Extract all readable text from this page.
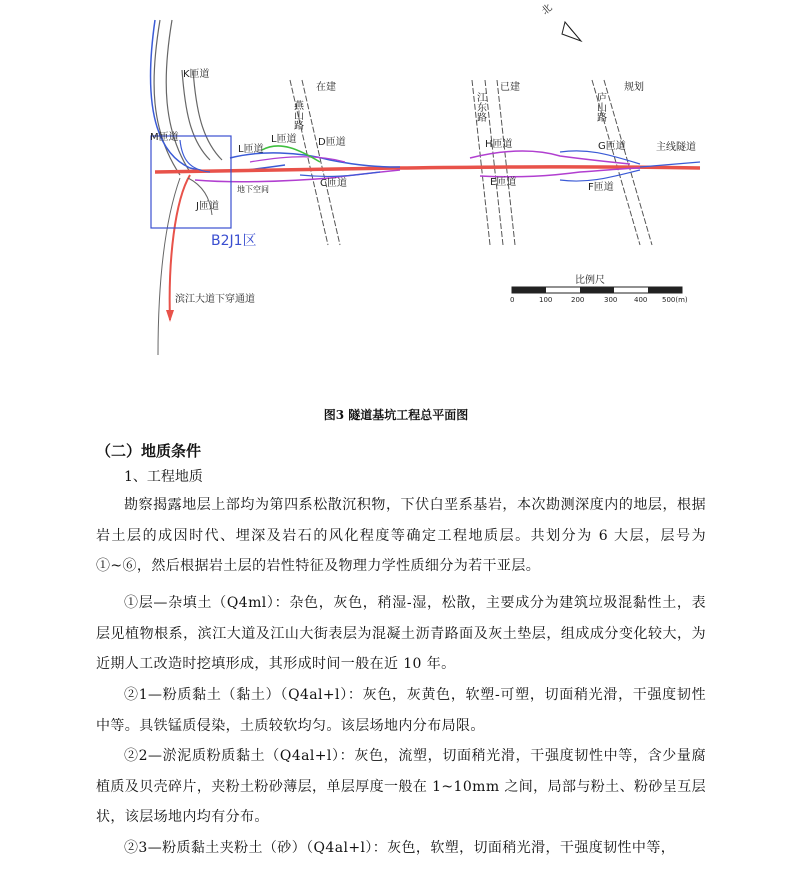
北
K匝道
M匝道	L匝道
L匝道
地下空间
J匝道
B2J1区
滨江大道下穿通道
燕山路
在建
D匝道
C匝道
江东路
已建
H匝道
E匝道
庐山路
规划
G匝道
F匝道
主线隧道
比例尺
0	100	200	300 400 500(m)
图3 隧道基坑工程总平面图
（二）地质条件
1、工程地质
勘察揭露地层上部均为第四系松散沉积物，下伏白垩系基岩，本次勘测深度内的地层，根据岩土层的成因时代、埋深及岩石的风化程度等确定工程地质层。共划分为 6 大层，层号为①~⑥，然后根据岩土层的岩性特征及物理力学性质细分为若干亚层。
①层—杂填土（Q4ml）：杂色，灰色，稍湿-湿，松散，主要成分为建筑垃圾混黏性土，表层见植物根系，滨江大道及江山大街表层为混凝土沥青路面及灰土垫层，组成成分变化较大，为近期人工改造时挖填形成，其形成时间一般在近 10 年。
②1—粉质黏土（黏土）（Q4al+l）：灰色，灰黄色，软塑-可塑，切面稍光滑，干强度韧性中等。具铁锰质侵染，土质较软均匀。该层场地内分布局限。
②2—淤泥质粉质黏土（Q4al+l）：灰色，流塑，切面稍光滑，干强度韧性中等，含少量腐植质及贝壳碎片，夹粉土粉砂薄层，单层厚度一般在 1~10mm 之间，局部与粉土、粉砂呈互层状，该层场地内均有分布。
②3—粉质黏土夹粉土（砂）（Q4al+l）：灰色，软塑，切面稍光滑，干强度韧性中等，
